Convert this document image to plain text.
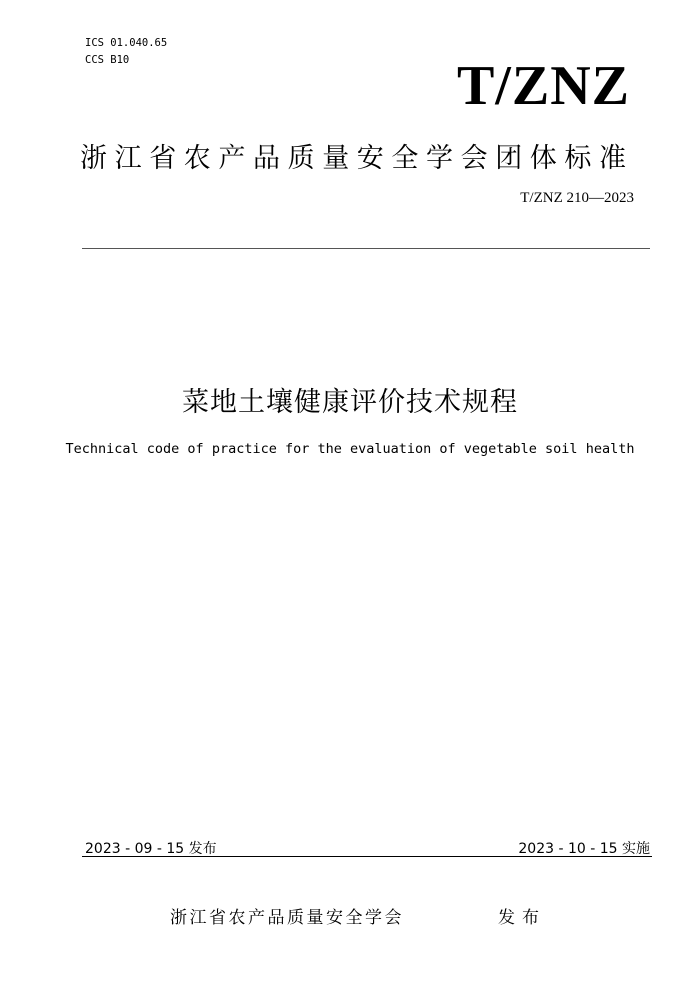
ICS 01.040.65
CCS B10	T/ZNZ
浙江省农产品质量安全学会团体标准
T/ZNZ 210—2023
菜地土壤健康评价技术规程
Technical code of practice for the evaluation of vegetable soil health
2023 - 09 - 15 发布	2023 - 10 - 15 实施
浙江省农产品质量安全学会	发布
